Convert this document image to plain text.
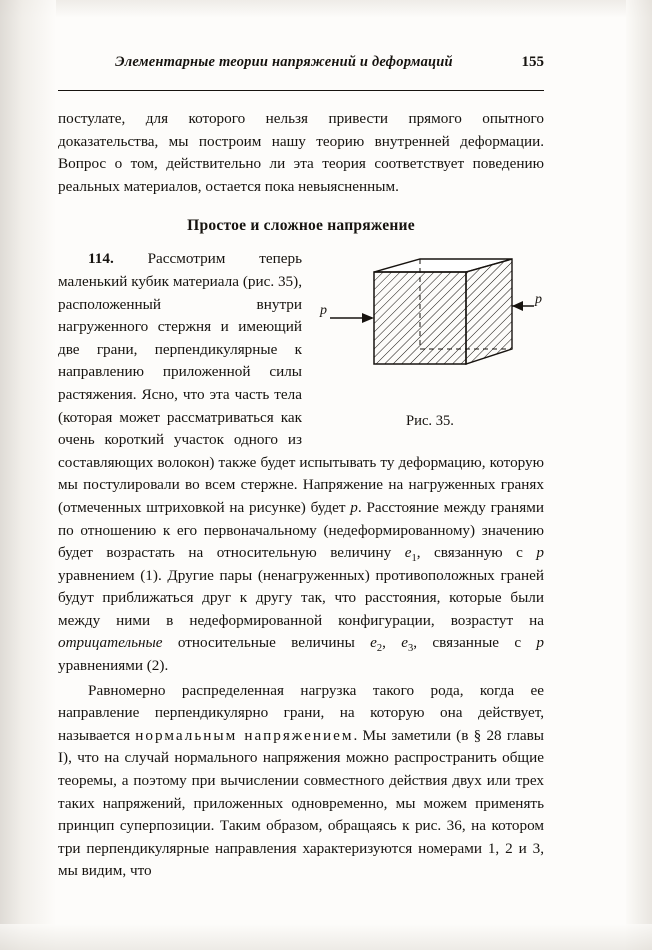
Элементарные теории напряжений и деформаций	155

постулате, для которого нельзя привести прямого опытного доказательства, мы построим нашу теорию внутренней деформации. Вопрос о том, действительно ли эта теория соответствует поведению реальных материалов, остается пока невыясненным.

Простое и сложное напряжение
p
p
Рис. 35.

114. Рассмотрим теперь маленький кубик материала (рис. 35), расположенный внутри нагруженного стержня и имеющий две грани, перпендикулярные к направлению приложенной силы растяжения. Ясно, что эта часть тела (которая может рассматриваться как очень короткий участок одного из составляющих волокон) также будет испытывать ту деформацию, которую мы постулировали во всем стержне. Напряжение на нагруженных гранях (отмеченных штриховкой на рисунке) будет p. Расстояние между гранями по отношению к его первоначальному (недеформированному) значению будет возрастать на относительную величину $e_1$, связанную с p уравнением (1). Другие пары (ненагруженных) противоположных граней будут приближаться друг к другу так, что расстояния, которые были между ними в недеформированной конфигурации, возрастут на отрицательные относительные величины $e_2$, $e_3$, связанные с p уравнениями (2).

Равномерно распределенная нагрузка такого рода, когда ее направление перпендикулярно грани, на которую она действует, называется нормальным напряжением. Мы заметили (в § 28 главы I), что на случай нормального напряжения можно распространить общие теоремы, а поэтому при вычислении совместного действия двух или трех таких напряжений, приложенных одновременно, мы можем применять принцип суперпозиции. Таким образом, обращаясь к рис. 36, на котором три перпендикулярные направления характеризуются номерами 1, 2 и 3, мы видим, что
